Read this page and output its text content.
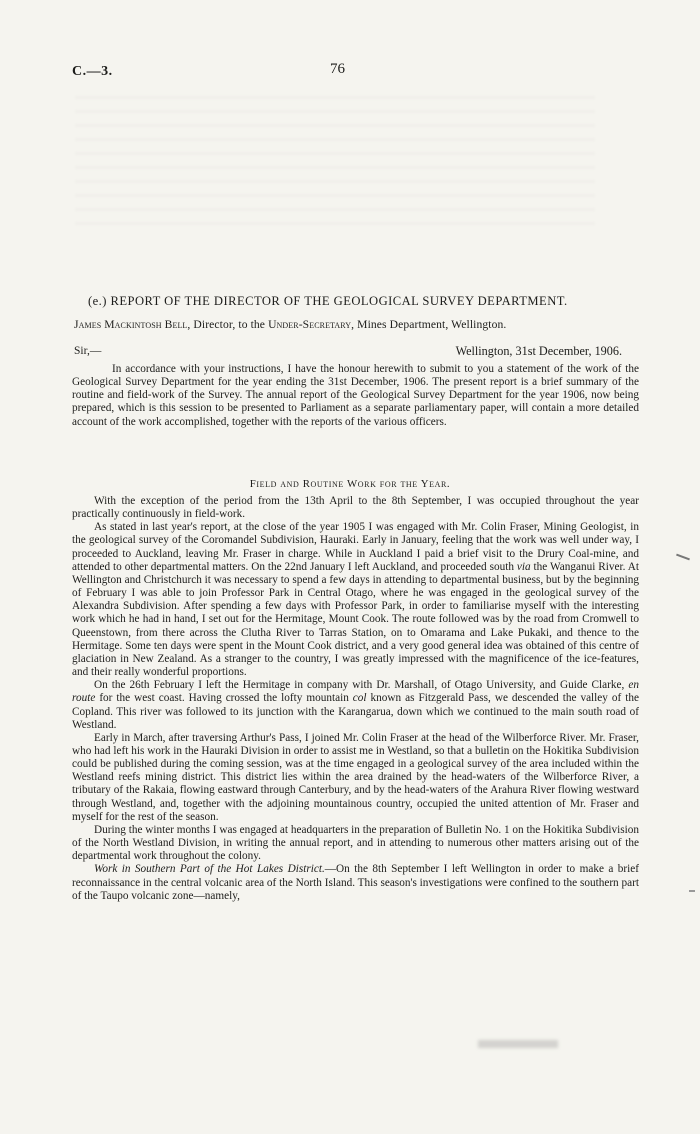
C.—3.	76
(e.) REPORT OF THE DIRECTOR OF THE GEOLOGICAL SURVEY DEPARTMENT.
James Mackintosh Bell, Director, to the Under-Secretary, Mines Department, Wellington.
Sir,—	Wellington, 31st December, 1906.

In accordance with your instructions, I have the honour herewith to submit to you a statement of the work of the Geological Survey Department for the year ending the 31st December, 1906. The present report is a brief summary of the routine and field-work of the Survey. The annual report of the Geological Survey Department for the year 1906, now being prepared, which is this session to be presented to Parliament as a separate parliamentary paper, will contain a more detailed account of the work accomplished, together with the reports of the various officers.

Field and Routine Work for the Year.

With the exception of the period from the 13th April to the 8th September, I was occupied throughout the year practically continuously in field-work.

As stated in last year's report, at the close of the year 1905 I was engaged with Mr. Colin Fraser, Mining Geologist, in the geological survey of the Coromandel Subdivision, Hauraki. Early in January, feeling that the work was well under way, I proceeded to Auckland, leaving Mr. Fraser in charge. While in Auckland I paid a brief visit to the Drury Coal-mine, and attended to other departmental matters. On the 22nd January I left Auckland, and proceeded south via the Wanganui River. At Wellington and Christchurch it was necessary to spend a few days in attending to departmental business, but by the beginning of February I was able to join Professor Park in Central Otago, where he was engaged in the geological survey of the Alexandra Subdivision. After spending a few days with Professor Park, in order to familiarise myself with the interesting work which he had in hand, I set out for the Hermitage, Mount Cook. The route followed was by the road from Cromwell to Queenstown, from there across the Clutha River to Tarras Station, on to Omarama and Lake Pukaki, and thence to the Hermitage. Some ten days were spent in the Mount Cook district, and a very good general idea was obtained of this centre of glaciation in New Zealand. As a stranger to the country, I was greatly impressed with the magnificence of the ice-features, and their really wonderful proportions.

On the 26th February I left the Hermitage in company with Dr. Marshall, of Otago University, and Guide Clarke, en route for the west coast. Having crossed the lofty mountain col known as Fitzgerald Pass, we descended the valley of the Copland. This river was followed to its junction with the Karangarua, down which we continued to the main south road of Westland.

Early in March, after traversing Arthur's Pass, I joined Mr. Colin Fraser at the head of the Wilberforce River. Mr. Fraser, who had left his work in the Hauraki Division in order to assist me in Westland, so that a bulletin on the Hokitika Subdivision could be published during the coming session, was at the time engaged in a geological survey of the area included within the Westland reefs mining district. This district lies within the area drained by the head-waters of the Wilberforce River, a tributary of the Rakaia, flowing eastward through Canterbury, and by the head-waters of the Arahura River flowing westward through Westland, and, together with the adjoining mountainous country, occupied the united attention of Mr. Fraser and myself for the rest of the season.

During the winter months I was engaged at headquarters in the preparation of Bulletin No. 1 on the Hokitika Subdivision of the North Westland Division, in writing the annual report, and in attending to numerous other matters arising out of the departmental work throughout the colony.

Work in Southern Part of the Hot Lakes District.—On the 8th September I left Wellington in order to make a brief reconnaissance in the central volcanic area of the North Island. This season's investigations were confined to the southern part of the Taupo volcanic zone—namely,
